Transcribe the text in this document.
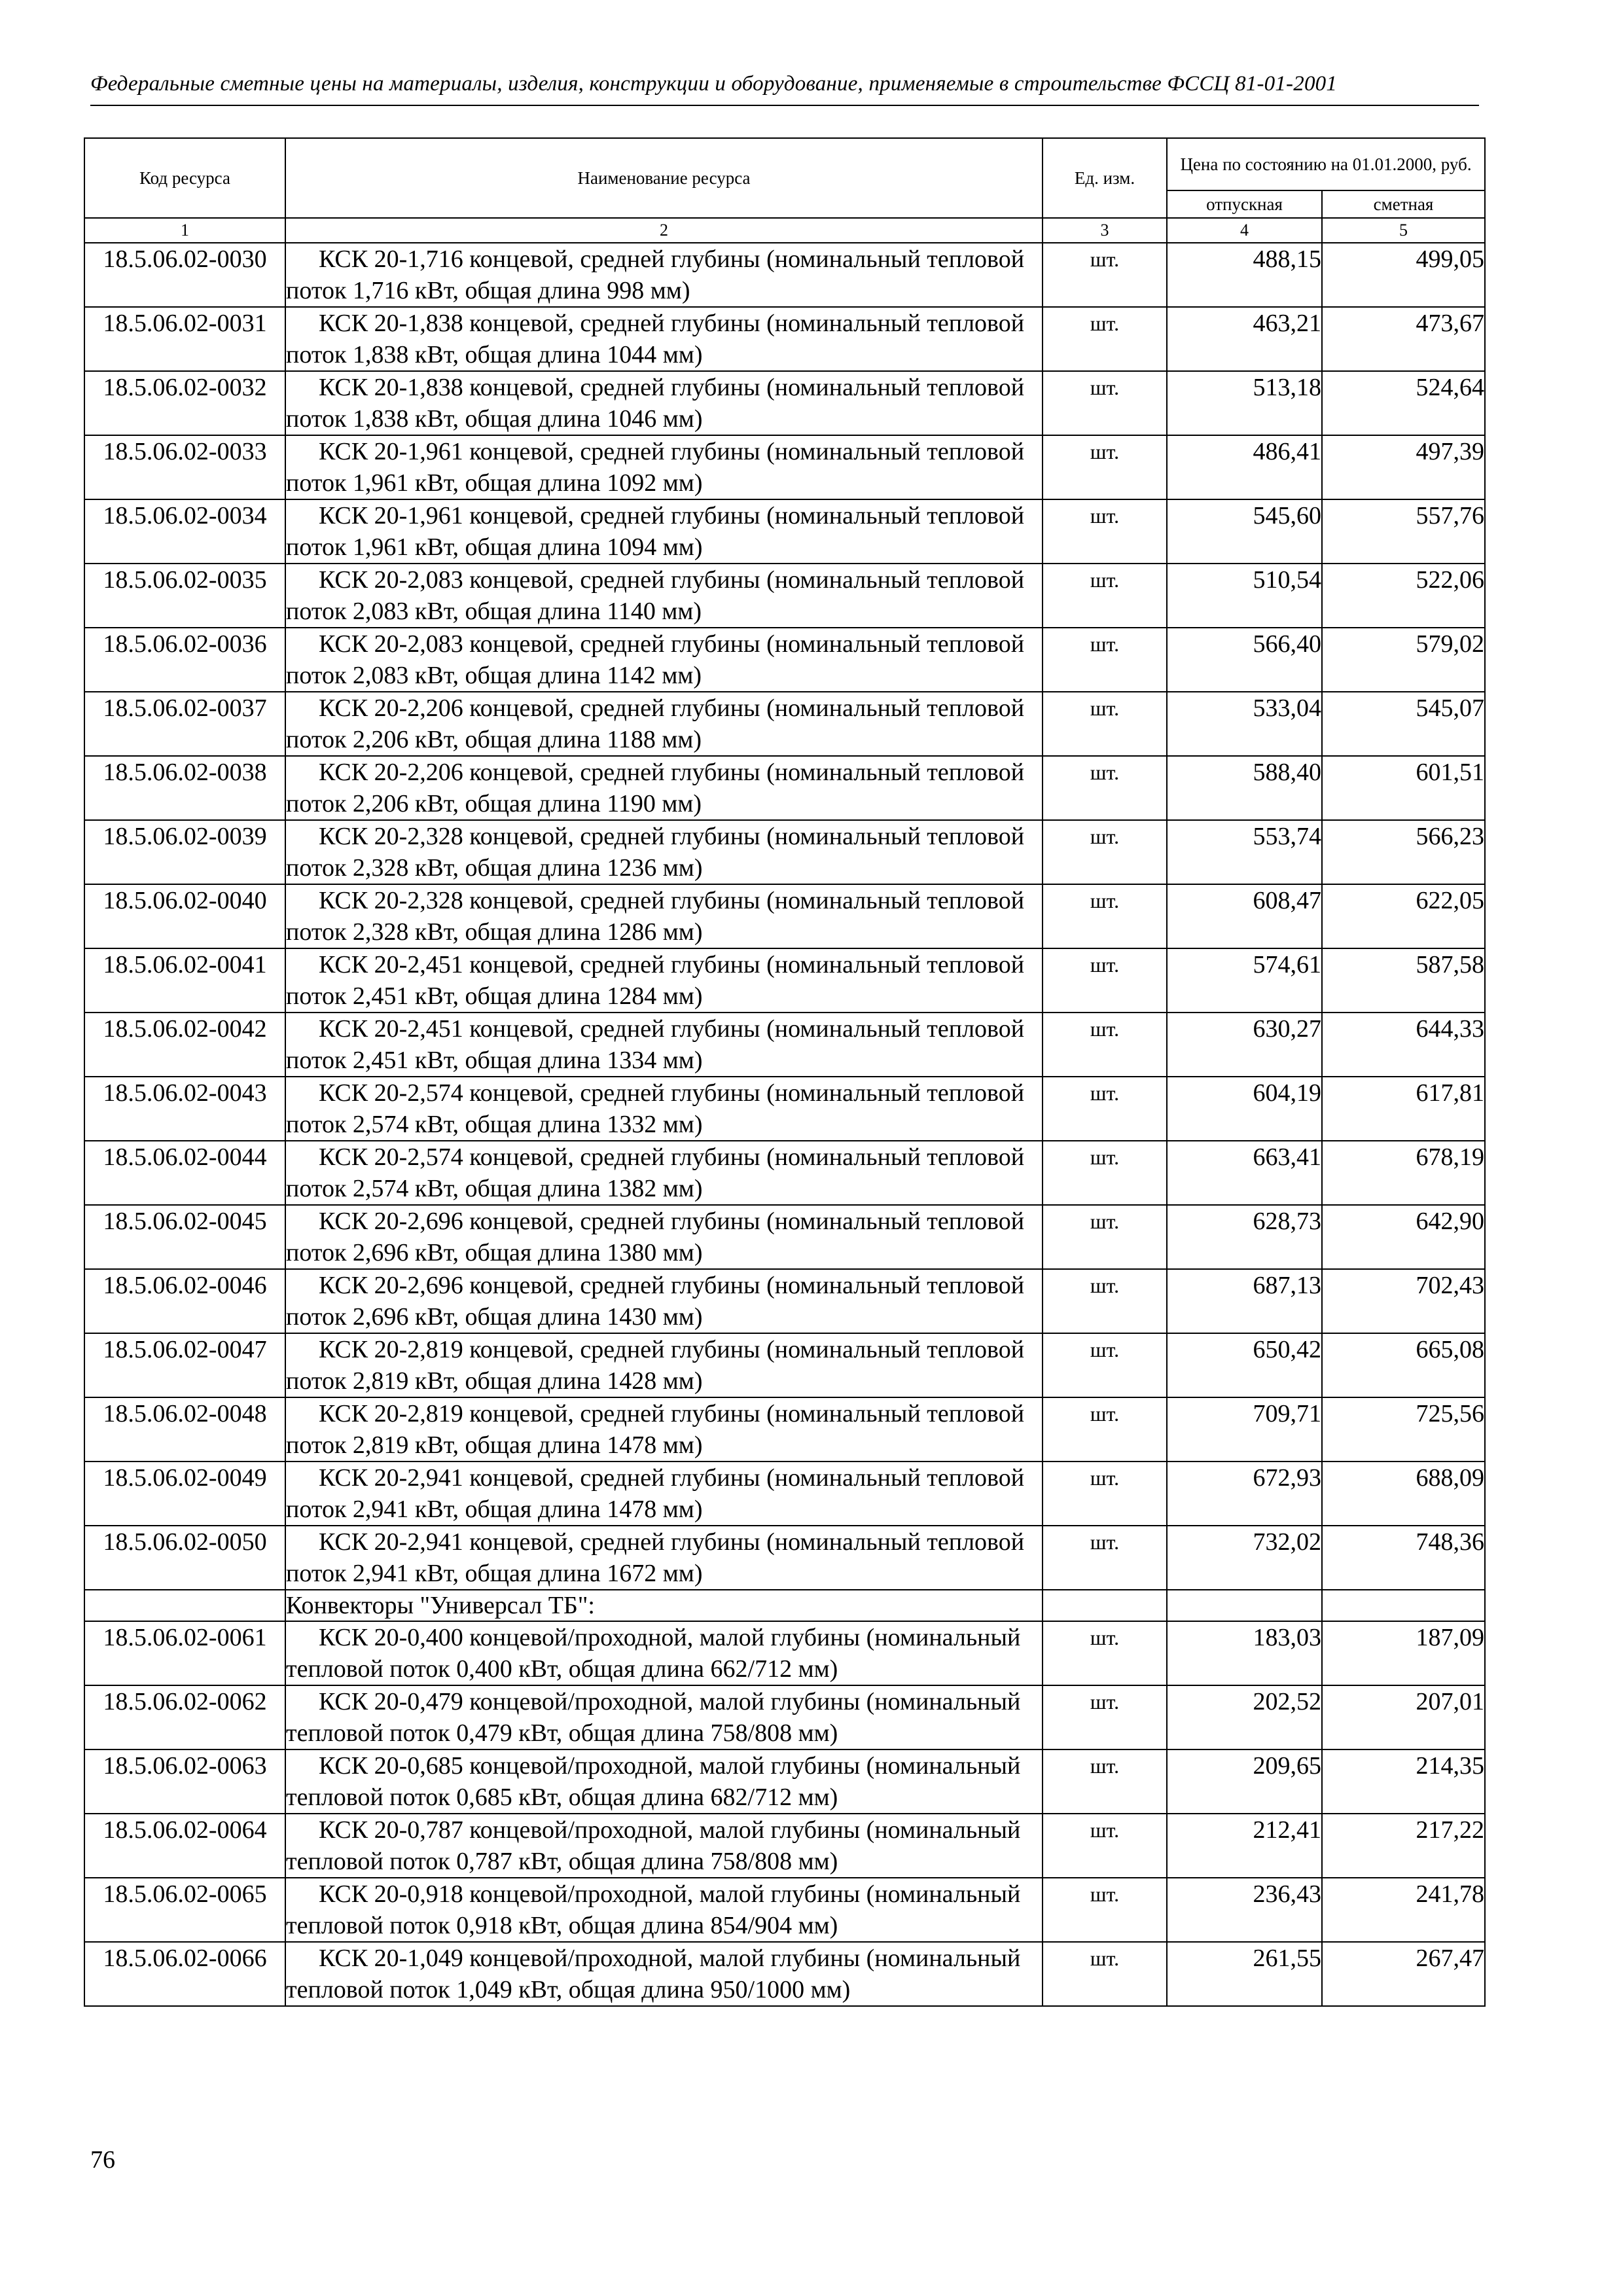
Федеральные сметные цены на материалы, изделия, конструкции и оборудование, применяемые в строительстве ФССЦ 81-01-2001
Код ресурса	Наименование ресурса	Ед. изм.	Цена по состоянию на 01.01.2000, руб.	
			отпускная	сметная
1	2	3	4	5
18.5.06.02-0030	КСК 20-1,716 концевой, средней глубины (номинальный тепловой поток 1,716 кВт, общая длина 998 мм)	шт.	488,15	499,05
18.5.06.02-0031	КСК 20-1,838 концевой, средней глубины (номинальный тепловой поток 1,838 кВт, общая длина 1044 мм)	шт.	463,21	473,67
18.5.06.02-0032	КСК 20-1,838 концевой, средней глубины (номинальный тепловой поток 1,838 кВт, общая длина 1046 мм)	шт.	513,18	524,64
18.5.06.02-0033	КСК 20-1,961 концевой, средней глубины (номинальный тепловой поток 1,961 кВт, общая длина 1092 мм)	шт.	486,41	497,39
18.5.06.02-0034	КСК 20-1,961 концевой, средней глубины (номинальный тепловой поток 1,961 кВт, общая длина 1094 мм)	шт.	545,60	557,76
18.5.06.02-0035	КСК 20-2,083 концевой, средней глубины (номинальный тепловой поток 2,083 кВт, общая длина 1140 мм)	шт.	510,54	522,06
18.5.06.02-0036	КСК 20-2,083 концевой, средней глубины (номинальный тепловой поток 2,083 кВт, общая длина 1142 мм)	шт.	566,40	579,02
18.5.06.02-0037	КСК 20-2,206 концевой, средней глубины (номинальный тепловой поток 2,206 кВт, общая длина 1188 мм)	шт.	533,04	545,07
18.5.06.02-0038	КСК 20-2,206 концевой, средней глубины (номинальный тепловой поток 2,206 кВт, общая длина 1190 мм)	шт.	588,40	601,51
18.5.06.02-0039	КСК 20-2,328 концевой, средней глубины (номинальный тепловой поток 2,328 кВт, общая длина 1236 мм)	шт.	553,74	566,23
18.5.06.02-0040	КСК 20-2,328 концевой, средней глубины (номинальный тепловой поток 2,328 кВт, общая длина 1286 мм)	шт.	608,47	622,05
18.5.06.02-0041	КСК 20-2,451 концевой, средней глубины (номинальный тепловой поток 2,451 кВт, общая длина 1284 мм)	шт.	574,61	587,58
18.5.06.02-0042	КСК 20-2,451 концевой, средней глубины (номинальный тепловой поток 2,451 кВт, общая длина 1334 мм)	шт.	630,27	644,33
18.5.06.02-0043	КСК 20-2,574 концевой, средней глубины (номинальный тепловой поток 2,574 кВт, общая длина 1332 мм)	шт.	604,19	617,81
18.5.06.02-0044	КСК 20-2,574 концевой, средней глубины (номинальный тепловой поток 2,574 кВт, общая длина 1382 мм)	шт.	663,41	678,19
18.5.06.02-0045	КСК 20-2,696 концевой, средней глубины (номинальный тепловой поток 2,696 кВт, общая длина 1380 мм)	шт.	628,73	642,90
18.5.06.02-0046	КСК 20-2,696 концевой, средней глубины (номинальный тепловой поток 2,696 кВт, общая длина 1430 мм)	шт.	687,13	702,43
18.5.06.02-0047	КСК 20-2,819 концевой, средней глубины (номинальный тепловой поток 2,819 кВт, общая длина 1428 мм)	шт.	650,42	665,08
18.5.06.02-0048	КСК 20-2,819 концевой, средней глубины (номинальный тепловой поток 2,819 кВт, общая длина 1478 мм)	шт.	709,71	725,56
18.5.06.02-0049	КСК 20-2,941 концевой, средней глубины (номинальный тепловой поток 2,941 кВт, общая длина 1478 мм)	шт.	672,93	688,09
18.5.06.02-0050	КСК 20-2,941 концевой, средней глубины (номинальный тепловой поток 2,941 кВт, общая длина 1672 мм)	шт.	732,02	748,36
	Конвекторы "Универсал ТБ":			
18.5.06.02-0061	КСК 20-0,400 концевой/проходной, малой глубины (номинальный тепловой поток 0,400 кВт, общая длина 662/712 мм)	шт.	183,03	187,09
18.5.06.02-0062	КСК 20-0,479 концевой/проходной, малой глубины (номинальный тепловой поток 0,479 кВт, общая длина 758/808 мм)	шт.	202,52	207,01
18.5.06.02-0063	КСК 20-0,685 концевой/проходной, малой глубины (номинальный тепловой поток 0,685 кВт, общая длина 682/712 мм)	шт.	209,65	214,35
18.5.06.02-0064	КСК 20-0,787 концевой/проходной, малой глубины (номинальный тепловой поток 0,787 кВт, общая длина 758/808 мм)	шт.	212,41	217,22
18.5.06.02-0065	КСК 20-0,918 концевой/проходной, малой глубины (номинальный тепловой поток 0,918 кВт, общая длина 854/904 мм)	шт.	236,43	241,78
18.5.06.02-0066	КСК 20-1,049 концевой/проходной, малой глубины (номинальный тепловой поток 1,049 кВт, общая длина 950/1000 мм)	шт.	261,55	267,47
76
